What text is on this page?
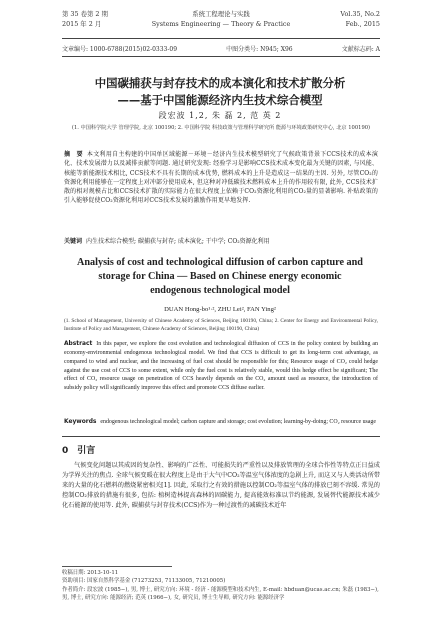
第 35 卷第 2 期
2015 年 2 月
系统工程理论与实践
Systems Engineering — Theory & Practice
Vol.35, No.2
Feb., 2015
文章编号: 1000-6788(2015)02-0333-09	中图分类号: N945; X96	文献标志码: A
中国碳捕获与封存技术的成本演化和技术扩散分析
——基于中国能源经济内生技术综合模型
段宏波 1,2, 朱 磊 2, 范 英 2
(1. 中国科学院大学 管理学院, 北京 100190; 2. 中国科学院 科技政策与管理科学研究所 能源与环境政策研究中心, 北京 100190)
摘　要 本文利用自主构建的中国单区域能源－环境－经济内生技术模型研究了气候政策背景下CCS技术的成本演化、技术发展潜力以及减排贡献等问题. 通过研究发现: 经验学习是影响CCS技术成本变化最为关键的因素, 与风能、核能等新能源技术相比, CCS技术不具有长期的成本优势, 燃料成本的上升是造成这一结果的主因. 另外, 尽管CO₂的资源化利用能够在一定程度上对冲部分使用成本, 但这种对冲低碳技术燃料成本上升的作用较有限, 此外, CCS技术扩散的相对规模占比和CCS技术扩散的实际能力在很大程度上依赖于CO₂资源化利用的CO₂量的显著影响. 补贴政策的引入能够促使CO₂资源化利用对CCS技术发展的激励作用更早地发挥.
关键词 内生技术综合模型; 碳捕获与封存; 成本演化; 干中学; CO₂资源化利用
Analysis of cost and technological diffusion of carbon capture and
storage for China — Based on Chinese energy economic
endogenous technological model
DUAN Hong-bo¹·², ZHU Lei², FAN Ying²
(1. School of Management, University of Chinese Academy of Sciences, Beijing 100190, China; 2. Center for Energy and Environmental Policy, Institute of Policy and Management, Chinese Academy of Sciences, Beijing 100190, China)
Abstract In this paper, we explore the cost evolution and technological diffusion of CCS in the policy context by building an economy-environmental endogenous technological model. We find that CCS is difficult to get its long-term cost advantage, as compared to wind and nuclear, and the increasing of fuel cost should be responsible for this; Resource usage of CO₂ could hedge against the use cost of CCS to some extent, while only the fuel cost is relatively stable, would this hedge effect be significant; The effect of CO₂ resource usage on penetration of CCS heavily depends on the CO₂ amount used as resource, the introduction of subsidy policy will significantly improve this effect and promote CCS diffuse earlier.
Keywords endogenous technological model; carbon capture and storage; cost evolution; learning-by-doing; CO₂ resource usage
0　引言
气候变化问题以其成因的复杂性、影响的广泛性、可能损失的严重性以及排放管理的全球合作性等特点正日益成为学界关注的焦点. 全球气候变暖在很大程度上是由于大气中CO₂等温室气体浓度的急剧上升, 而这又与人类活动所带来的大量的化石燃料的燃烧紧密相关[1]. 因此, 采取行之有效的措施以控制CO₂等温室气体的排放已刻不容缓. 常见的控制CO₂排放的措施有很多, 包括: 植树造林提高森林的固碳能力, 提高能效标准以节约能源, 发展替代能源技术减少化石能源的使用等. 此外, 碳捕获与封存技术(CCS)作为一种过渡性的减碳技术近年
收稿日期: 2013-10-11
资助项目: 国家自然科学基金 (71273253, 71133005, 71210005)
作者简介: 段宏波 (1985−), 男, 博士, 研究方向: 环境 - 经济 - 能源模型和技术内生, E-mail: hbduan@ucas.ac.cn; 朱磊 (1983−), 男, 博士, 研究方向: 能源经济; 范英 (1966−), 女, 研究员, 博士生导师, 研究方向: 能源经济学
